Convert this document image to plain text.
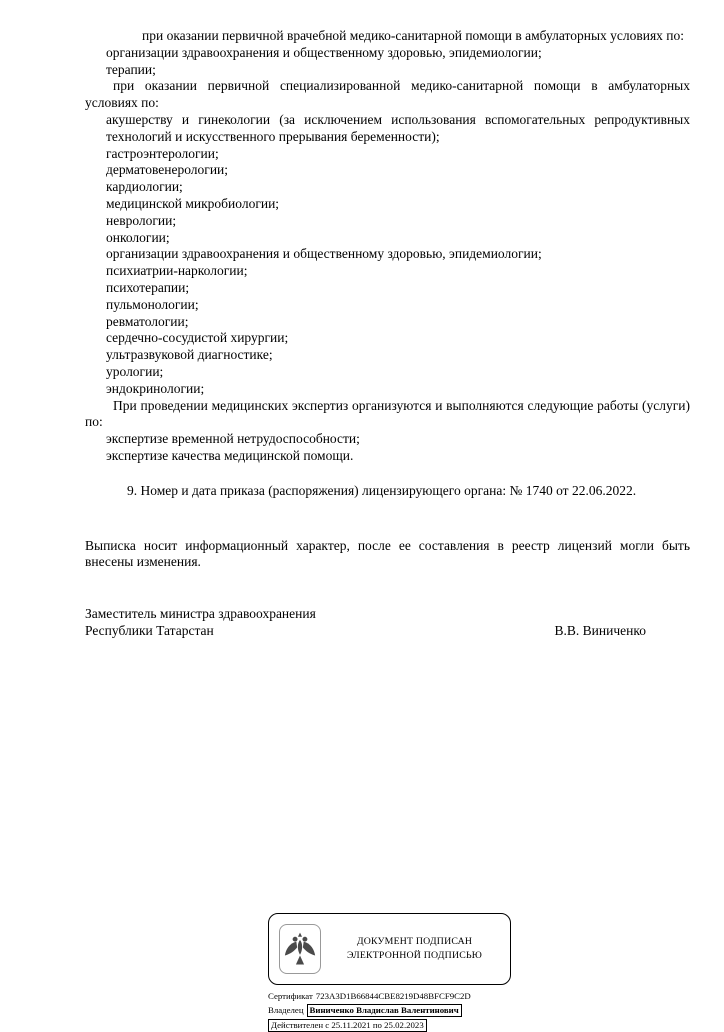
при оказании первичной врачебной медико-санитарной помощи в амбулаторных условиях по:

организации здравоохранения и общественному здоровью, эпидемиологии;
терапии;

при оказании первичной специализированной медико-санитарной помощи в амбулаторных условиях по:

акушерству и гинекологии (за исключением использования вспомогательных репродуктивных технологий и искусственного прерывания беременности);
гастроэнтерологии;
дерматовенерологии;
кардиологии;
медицинской микробиологии;
неврологии;
онкологии;
организации здравоохранения и общественному здоровью, эпидемиологии;
психиатрии-наркологии;
психотерапии;
пульмонологии;
ревматологии;
сердечно-сосудистой хирургии;
ультразвуковой диагностике;
урологии;
эндокринологии;

При проведении медицинских экспертиз организуются и выполняются следующие работы (услуги) по:

экспертизе временной нетрудоспособности;
экспертизе качества медицинской помощи.

9. Номер и дата приказа (распоряжения) лицензирующего органа: № 1740 от 22.06.2022.

Выписка носит информационный характер, после ее составления в реестр лицензий могли быть внесены изменения.

Заместитель министра здравоохранения
Республики Татарстан	В.В. Виниченко
ДОКУМЕНТ ПОДПИСАН
ЭЛЕКТРОННОЙ ПОДПИСЬЮ
Сертификат 723A3D1B66844CBE8219D48BFCF9C2D
Владелец Виниченко Владислав Валентинович
Действителен с 25.11.2021 по 25.02.2023
